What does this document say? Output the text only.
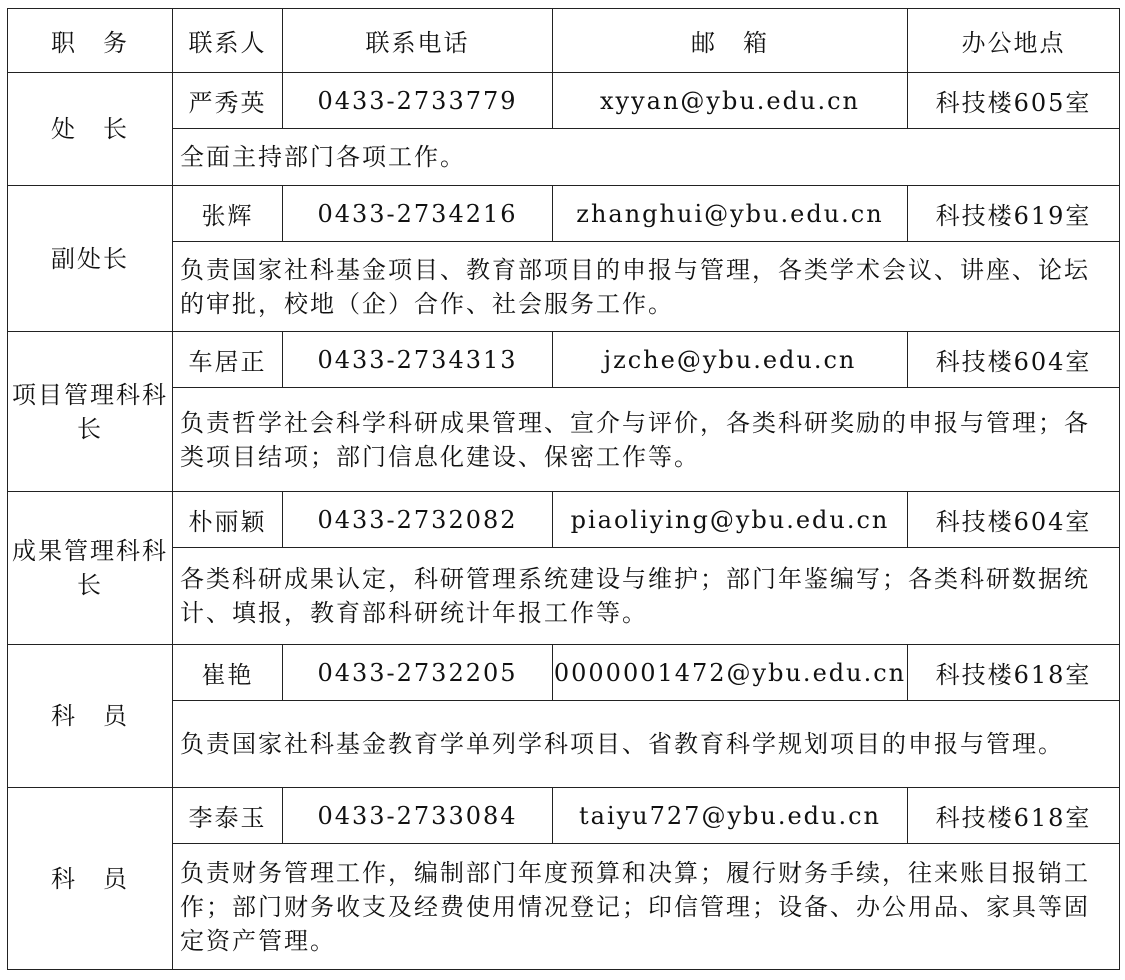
职　务	联系人	联系电话	邮　箱	办公地点
处　长	严秀英	0433-2733779	xyyan@ybu.edu.cn	科技楼605室
	全面主持部门各项工作。			
副处长	张辉	0433-2734216	zhanghui@ybu.edu.cn	科技楼619室
	负责国家社科基金项目、教育部项目的申报与管理，各类学术会议、讲座、论坛的审批，校地（企）合作、社会服务工作。			
项目管理科科长	车居正	0433-2734313	jzche@ybu.edu.cn	科技楼604室
	负责哲学社会科学科研成果管理、宣介与评价，各类科研奖励的申报与管理；各类项目结项；部门信息化建设、保密工作等。			
成果管理科科长	朴丽颖	0433-2732082	piaoliying@ybu.edu.cn	科技楼604室
	各类科研成果认定，科研管理系统建设与维护；部门年鉴编写；各类科研数据统计、填报，教育部科研统计年报工作等。			
科　员	崔艳	0433-2732205	0000001472@ybu.edu.cn	科技楼618室
	负责国家社科基金教育学单列学科项目、省教育科学规划项目的申报与管理。			
科　员	李泰玉	0433-2733084	taiyu727@ybu.edu.cn	科技楼618室
	负责财务管理工作，编制部门年度预算和决算；履行财务手续，往来账目报销工作；部门财务收支及经费使用情况登记；印信管理；设备、办公用品、家具等固定资产管理。			
